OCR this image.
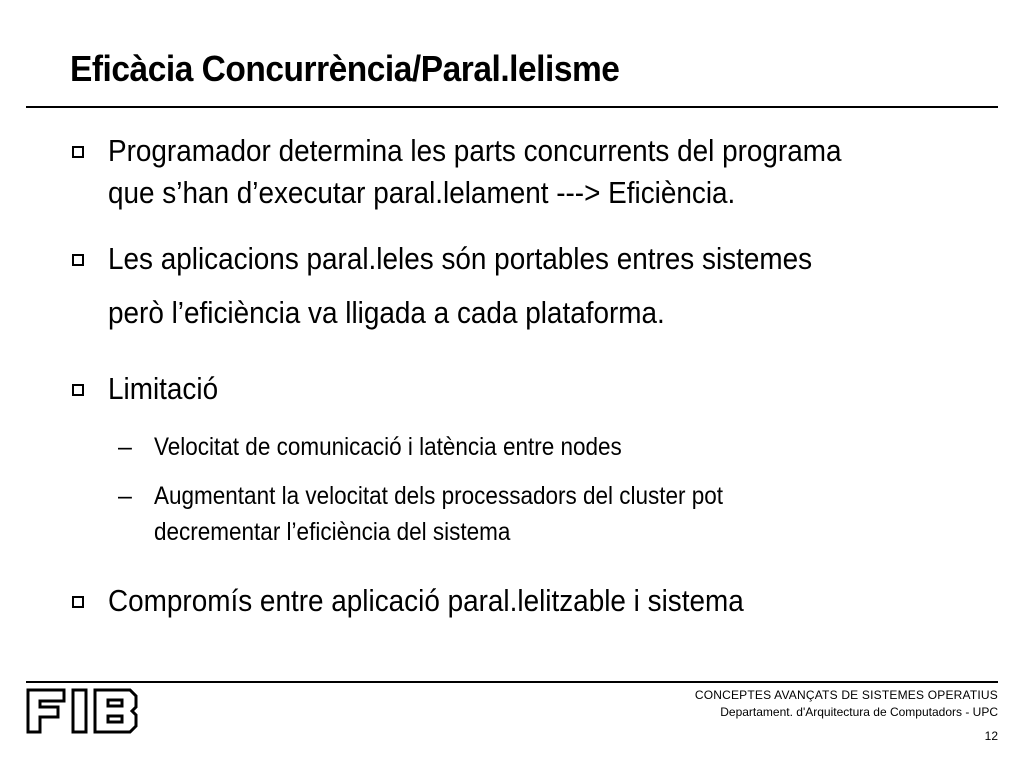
Eficàcia Concurrència/Paral.lelisme
Programador determina les parts concurrents del programa
que s’han d’executar paral.lelament ---> Eficiència.
Les aplicacions paral.leles són portables entres sistemes
però l’eficiència va lligada a cada plataforma.
Limitació
– Velocitat de comunicació i latència entre nodes
– Augmentant la velocitat dels processadors del cluster pot
decrementar l’eficiència del sistema
Compromís entre aplicació paral.lelitzable i sistema
CONCEPTES AVANÇATS DE SISTEMES OPERATIUS
Departament. d'Arquitectura de Computadors - UPC
12
